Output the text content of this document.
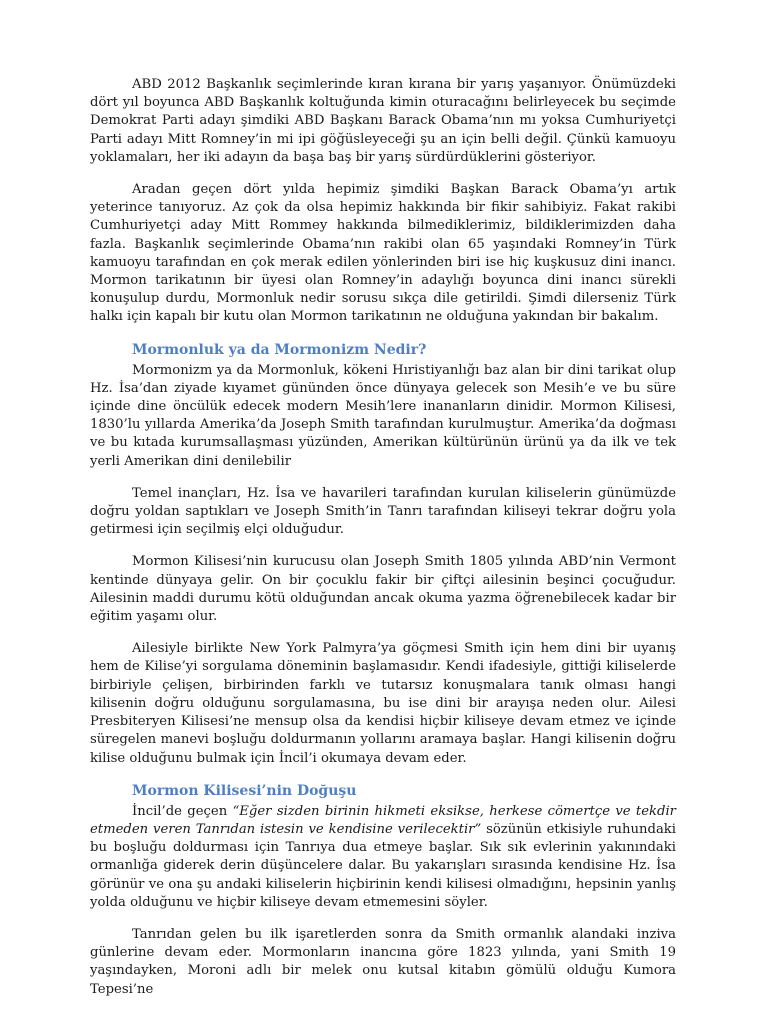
ABD 2012 Başkanlık seçimlerinde kıran kırana bir yarış yaşanıyor. Önümüzdeki dört yıl boyunca ABD Başkanlık koltuğunda kimin oturacağını belirleyecek bu seçimde Demokrat Parti adayı şimdiki ABD Başkanı Barack Obama’nın mı yoksa Cumhuriyetçi Parti adayı Mitt Romney’in mi ipi göğüsleyeceği şu an için belli değil. Çünkü kamuoyu yoklamaları, her iki adayın da başa baş bir yarış sürdürdüklerini gösteriyor.

Aradan geçen dört yılda hepimiz şimdiki Başkan Barack Obama’yı artık yeterince tanıyoruz. Az çok da olsa hepimiz hakkında bir fikir sahibiyiz. Fakat rakibi Cumhuriyetçi aday Mitt Rommey hakkında bilmediklerimiz, bildiklerimizden daha fazla. Başkanlık seçimlerinde Obama’nın rakibi olan 65 yaşındaki Romney’in Türk kamuoyu tarafından en çok merak edilen yönlerinden biri ise hiç kuşkusuz dini inancı. Mormon tarikatının bir üyesi olan Romney’in adaylığı boyunca dini inancı sürekli konuşulup durdu, Mormonluk nedir sorusu sıkça dile getirildi. Şimdi dilerseniz Türk halkı için kapalı bir kutu olan Mormon tarikatının ne olduğuna yakından bir bakalım.

Mormonluk ya da Mormonizm Nedir?

Mormonizm ya da Mormonluk, kökeni Hıristiyanlığı baz alan bir dini tarikat olup Hz. İsa’dan ziyade kıyamet gününden önce dünyaya gelecek son Mesih’e ve bu süre içinde dine öncülük edecek modern Mesih’lere inananların dinidir. Mormon Kilisesi, 1830’lu yıllarda Amerika’da Joseph Smith tarafından kurulmuştur. Amerika’da doğması ve bu kıtada kurumsallaşması yüzünden, Amerikan kültürünün ürünü ya da ilk ve tek yerli Amerikan dini denilebilir

Temel inançları, Hz. İsa ve havarileri tarafından kurulan kiliselerin günümüzde doğru yoldan saptıkları ve Joseph Smith’in Tanrı tarafından kiliseyi tekrar doğru yola getirmesi için seçilmiş elçi olduğudur.

Mormon Kilisesi’nin kurucusu olan Joseph Smith 1805 yılında ABD’nin Vermont kentinde dünyaya gelir. On bir çocuklu fakir bir çiftçi ailesinin beşinci çocuğudur. Ailesinin maddi durumu kötü olduğundan ancak okuma yazma öğrenebilecek kadar bir eğitim yaşamı olur.

Ailesiyle birlikte New York Palmyra’ya göçmesi Smith için hem dini bir uyanış hem de Kilise’yi sorgulama döneminin başlamasıdır. Kendi ifadesiyle, gittiği kiliselerde birbiriyle çelişen, birbirinden farklı ve tutarsız konuşmalara tanık olması hangi kilisenin doğru olduğunu sorgulamasına, bu ise dini bir arayışa neden olur. Ailesi Presbiteryen Kilisesi’ne mensup olsa da kendisi hiçbir kiliseye devam etmez ve içinde süregelen manevi boşluğu doldurmanın yollarını aramaya başlar. Hangi kilisenin doğru kilise olduğunu bulmak için İncil’i okumaya devam eder.

Mormon Kilisesi’nin Doğuşu

İncil’de geçen “Eğer sizden birinin hikmeti eksikse, herkese cömertçe ve tekdir etmeden veren Tanrıdan istesin ve kendisine verilecektir” sözünün etkisiyle ruhundaki bu boşluğu doldurması için Tanrıya dua etmeye başlar. Sık sık evlerinin yakınındaki ormanlığa giderek derin düşüncelere dalar. Bu yakarışları sırasında kendisine Hz. İsa görünür ve ona şu andaki kiliselerin hiçbirinin kendi kilisesi olmadığını, hepsinin yanlış yolda olduğunu ve hiçbir kiliseye devam etmemesini söyler.

Tanrıdan gelen bu ilk işaretlerden sonra da Smith ormanlık alandaki inziva günlerine devam eder. Mormonların inancına göre 1823 yılında, yani Smith 19 yaşındayken, Moroni adlı bir melek onu kutsal kitabın gömülü olduğu Kumora Tepesi’ne
